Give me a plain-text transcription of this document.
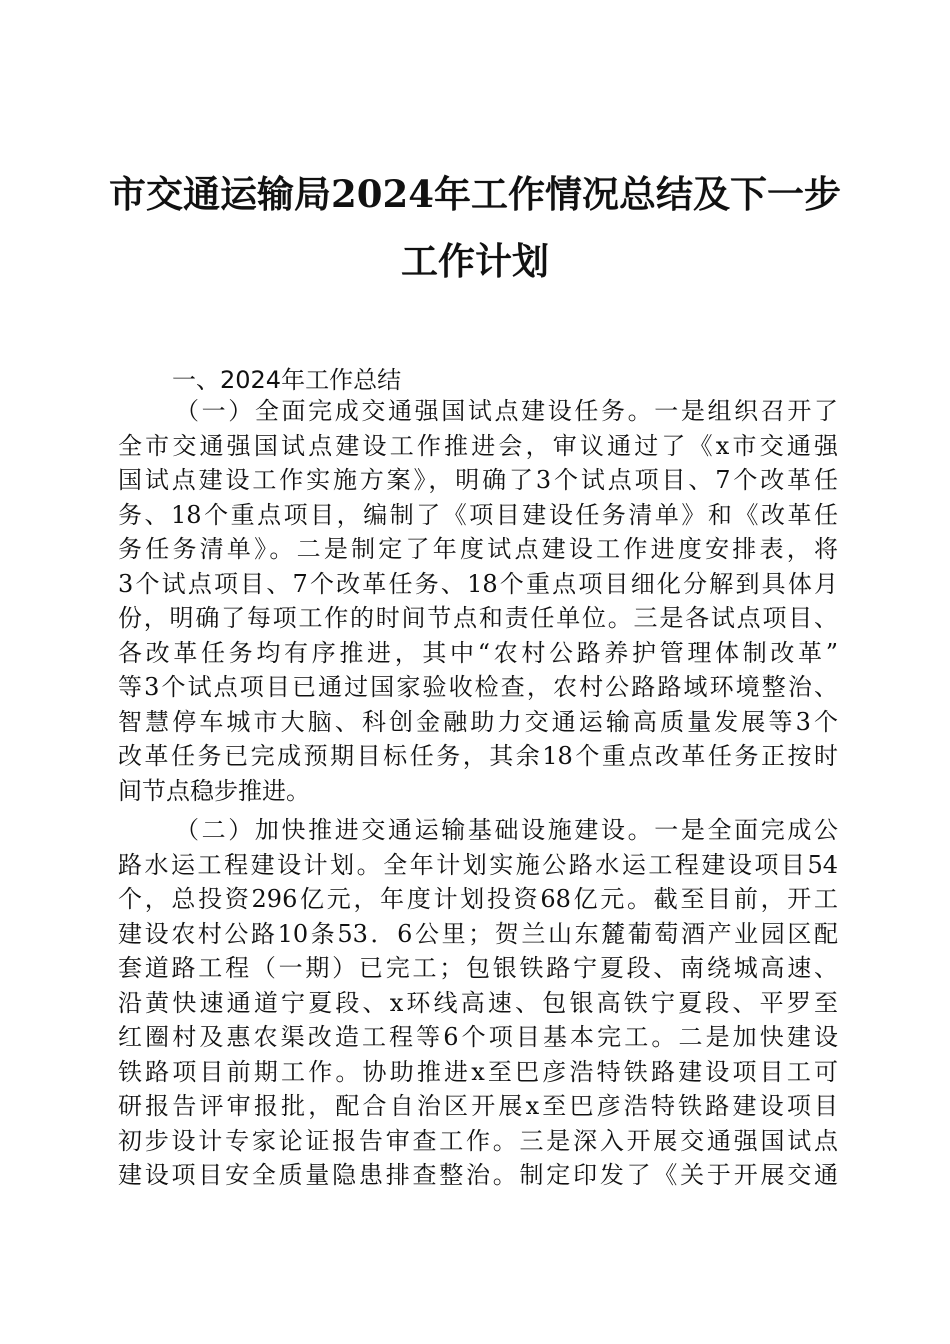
市交通运输局2024年工作情况总结及下一步
工作计划
一、2024年工作总结
（一）全面完成交通强国试点建设任务。一是组织召开了
全市交通强国试点建设工作推进会，审议通过了《x市交通强
国试点建设工作实施方案》，明确了3个试点项目、7个改革任
务、18个重点项目，编制了《项目建设任务清单》和《改革任
务任务清单》。二是制定了年度试点建设工作进度安排表，将
3个试点项目、7个改革任务、18个重点项目细化分解到具体月
份，明确了每项工作的时间节点和责任单位。三是各试点项目、
各改革任务均有序推进，其中“农村公路养护管理体制改革”
等3个试点项目已通过国家验收检查，农村公路路域环境整治、
智慧停车城市大脑、科创金融助力交通运输高质量发展等3个
改革任务已完成预期目标任务，其余18个重点改革任务正按时
间节点稳步推进。
（二）加快推进交通运输基础设施建设。一是全面完成公
路水运工程建设计划。全年计划实施公路水运工程建设项目54
个，总投资296亿元，年度计划投资68亿元。截至目前，开工
建设农村公路10条53．6公里；贺兰山东麓葡萄酒产业园区配
套道路工程（一期）已完工；包银铁路宁夏段、南绕城高速、
沿黄快速通道宁夏段、x环线高速、包银高铁宁夏段、平罗至
红圈村及惠农渠改造工程等6个项目基本完工。二是加快建设
铁路项目前期工作。协助推进x至巴彦浩特铁路建设项目工可
研报告评审报批，配合自治区开展x至巴彦浩特铁路建设项目
初步设计专家论证报告审查工作。三是深入开展交通强国试点
建设项目安全质量隐患排查整治。制定印发了《关于开展交通
